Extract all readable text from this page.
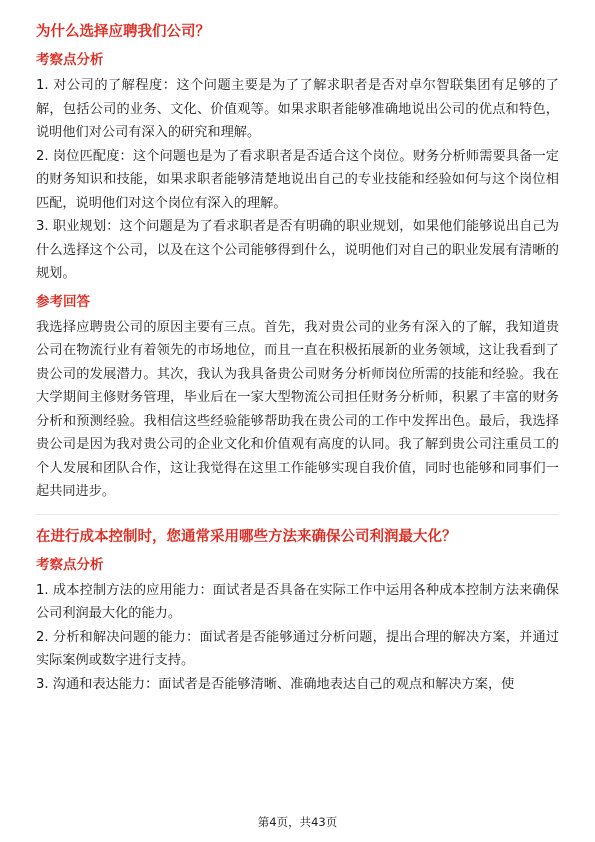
为什么选择应聘我们公司？

考察点分析

1. 对公司的了解程度：这个问题主要是为了了解求职者是否对卓尔智联集团有足够的了解，包括公司的业务、文化、价值观等。如果求职者能够准确地说出公司的优点和特色，说明他们对公司有深入的研究和理解。

2. 岗位匹配度：这个问题也是为了看求职者是否适合这个岗位。财务分析师需要具备一定的财务知识和技能，如果求职者能够清楚地说出自己的专业技能和经验如何与这个岗位相匹配，说明他们对这个岗位有深入的理解。

3. 职业规划：这个问题是为了看求职者是否有明确的职业规划，如果他们能够说出自己为什么选择这个公司，以及在这个公司能够得到什么，说明他们对自己的职业发展有清晰的规划。

参考回答

我选择应聘贵公司的原因主要有三点。首先，我对贵公司的业务有深入的了解，我知道贵公司在物流行业有着领先的市场地位，而且一直在积极拓展新的业务领域，这让我看到了贵公司的发展潜力。其次，我认为我具备贵公司财务分析师岗位所需的技能和经验。我在大学期间主修财务管理，毕业后在一家大型物流公司担任财务分析师，积累了丰富的财务分析和预测经验。我相信这些经验能够帮助我在贵公司的工作中发挥出色。最后，我选择贵公司是因为我对贵公司的企业文化和价值观有高度的认同。我了解到贵公司注重员工的个人发展和团队合作，这让我觉得在这里工作能够实现自我价值，同时也能够和同事们一起共同进步。

在进行成本控制时，您通常采用哪些方法来确保公司利润最大化？

考察点分析

1. 成本控制方法的应用能力：面试者是否具备在实际工作中运用各种成本控制方法来确保公司利润最大化的能力。

2. 分析和解决问题的能力：面试者是否能够通过分析问题，提出合理的解决方案，并通过实际案例或数字进行支持。

3. 沟通和表达能力：面试者是否能够清晰、准确地表达自己的观点和解决方案，使

第4页，共43页
